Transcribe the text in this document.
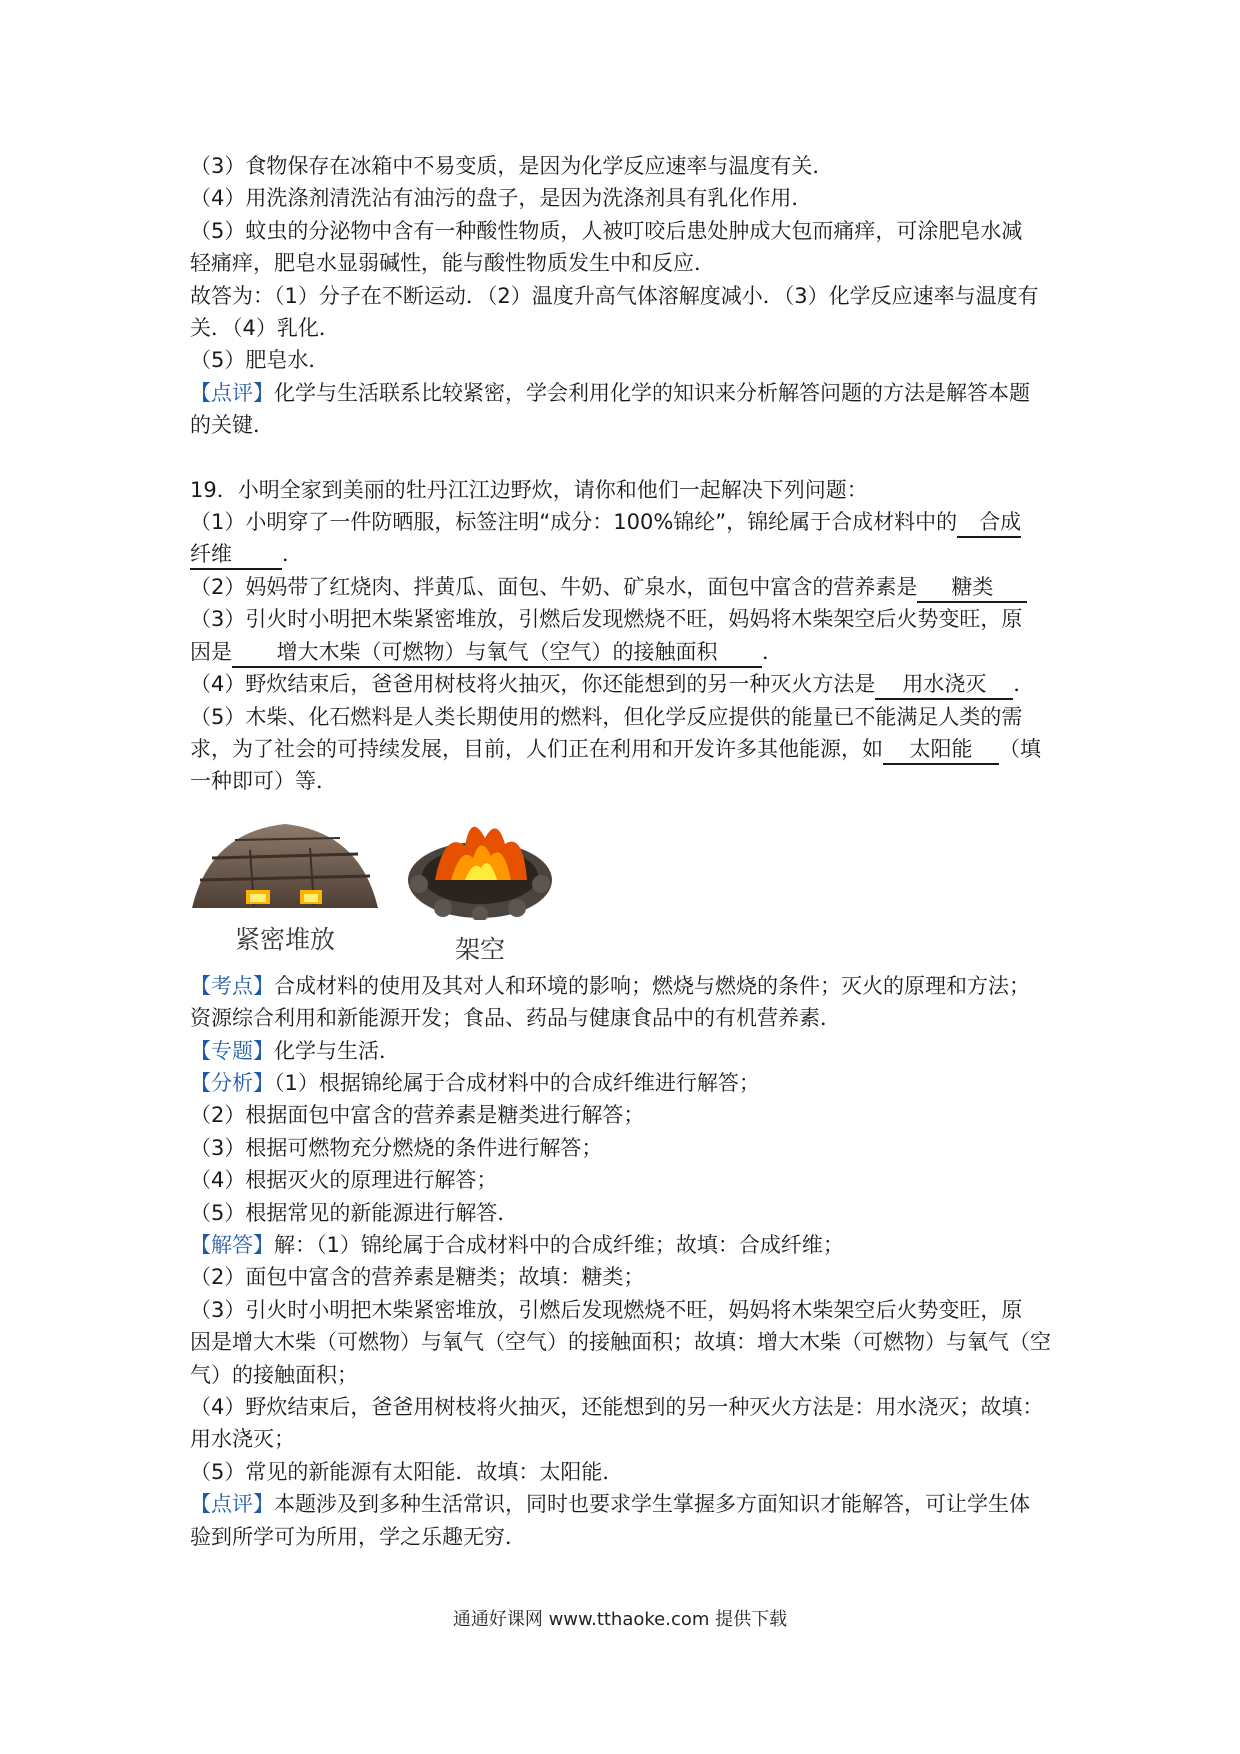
（3）食物保存在冰箱中不易变质，是因为化学反应速率与温度有关．
（4）用洗涤剂清洗沾有油污的盘子，是因为洗涤剂具有乳化作用．
（5）蚊虫的分泌物中含有一种酸性物质，人被叮咬后患处肿成大包而痛痒，可涂肥皂水减
轻痛痒，肥皂水显弱碱性，能与酸性物质发生中和反应．
故答为：（1）分子在不断运动．（2）温度升高气体溶解度减小．（3）化学反应速率与温度有
关．（4）乳化．
（5）肥皂水．
【点评】化学与生活联系比较紧密，学会利用化学的知识来分析解答问题的方法是解答本题
的关键．
19．小明全家到美丽的牡丹江江边野炊，请你和他们一起解决下列问题：
（1）小明穿了一件防晒服，标签注明“成分：100%锦纶”，锦纶属于合成材料中的 合成
纤维 ．
（2）妈妈带了红烧肉、拌黄瓜、面包、牛奶、矿泉水，面包中富含的营养素是 糖类
（3）引火时小明把木柴紧密堆放，引燃后发现燃烧不旺，妈妈将木柴架空后火势变旺，原
因是 增大木柴（可燃物）与氧气（空气）的接触面积 ．
（4）野炊结束后，爸爸用树枝将火抽灭，你还能想到的另一种灭火方法是 用水浇灭 ．
（5）木柴、化石燃料是人类长期使用的燃料，但化学反应提供的能量已不能满足人类的需
求，为了社会的可持续发展，目前，人们正在利用和开发许多其他能源，如 太阳能 （填
一种即可）等．
紧密堆放	架空
【考点】合成材料的使用及其对人和环境的影响；燃烧与燃烧的条件；灭火的原理和方法；
资源综合利用和新能源开发；食品、药品与健康食品中的有机营养素．
【专题】化学与生活．
【分析】（1）根据锦纶属于合成材料中的合成纤维进行解答；
（2）根据面包中富含的营养素是糖类进行解答；
（3）根据可燃物充分燃烧的条件进行解答；
（4）根据灭火的原理进行解答；
（5）根据常见的新能源进行解答．
【解答】解：（1）锦纶属于合成材料中的合成纤维；故填：合成纤维；
（2）面包中富含的营养素是糖类；故填：糖类；
（3）引火时小明把木柴紧密堆放，引燃后发现燃烧不旺，妈妈将木柴架空后火势变旺，原
因是增大木柴（可燃物）与氧气（空气）的接触面积；故填：增大木柴（可燃物）与氧气（空
气）的接触面积；
（4）野炊结束后，爸爸用树枝将火抽灭，还能想到的另一种灭火方法是：用水浇灭；故填：
用水浇灭；
（5）常见的新能源有太阳能．故填：太阳能．
【点评】本题涉及到多种生活常识，同时也要求学生掌握多方面知识才能解答，可让学生体
验到所学可为所用，学之乐趣无穷．
通通好课网 www.tthaoke.com 提供下载
